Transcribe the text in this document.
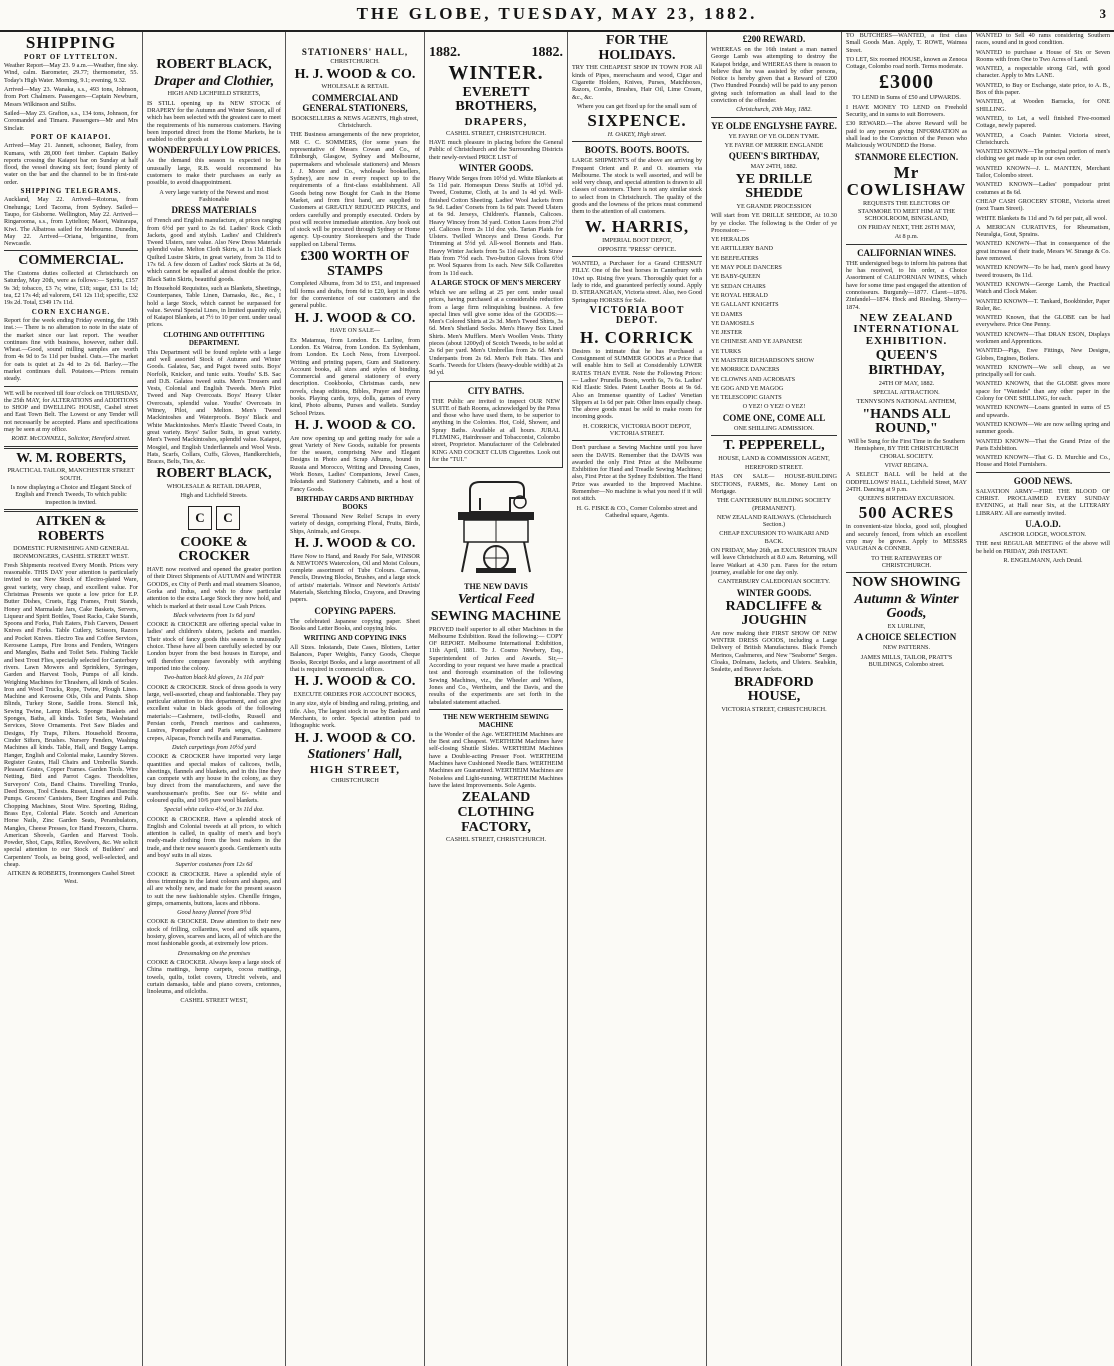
THE GLOBE, TUESDAY, MAY 23, 1882.	3
SHIPPING
PORT OF LYTTELTON.

Weather Report—May 23. 9 a.m.—Weather, fine sky. Wind, calm. Barometer, 29.77; thermometer, 55. Today's High Water. Morning, 9.1; evening, 9.32.

Arrived—May 23. Wanaka, s.s., 493 tons, Johnson, from Port Chalmers. Passengers—Captain Newburn, Messrs Wilkinson and Stilbs.

Sailed—May 23. Grafton, s.s., 134 tons, Johnson, for Coromandel and Timaru. Passengers—Mr and Mrs Sinclair.

PORT OF KAIAPOI.

Arrived—May 21. Jannett, schooner, Bailey, from Kumara, with 28,000 feet timber. Captain Bailey reports crossing the Kaiapoi bar on Sunday at half flood, the vessel drawing six feet; found plenty of water on the bar and the channel to be in first-rate order.

SHIPPING TELEGRAMS.

Auckland, May 22. Arrived—Rotorua, from Onehunga; Lord Tacoma, from Sydney. Sailed—Taupo, for Gisborne. Wellington, May 22. Arrived—Ringarooma, s.s., from Lyttelton; Maori, Wairarapa, Kiwi. The Albatross sailed for Melbourne. Dunedin, May 22. Arrived—Oriana, brigantine, from Newcastle.

COMMERCIAL.

The Customs duties collected at Christchurch on Saturday, May 20th, were as follows:— Spirits, £157 9s 3d; tobacco, £3 7s; wine, £18; sugar, £31 1s 1d; tea, £2 17s 4d; ad valorem, £41 12s 11d; specific, £32 19s 2d. Total, £349 17s 11d.

CORN EXCHANGE.

Report for the week ending Friday evening, the 19th inst.:— There is no alteration to note in the state of the market since our last report. The weather continues fine with business, however, rather dull. Wheat.—Good, sound milling samples are worth from 4s 9d to 5s 11d per bushel. Oats.—The market for oats is quiet at 2s 4d to 2s 6d. Barley.—The market continues dull. Potatoes.—Prices remain steady.

WE will be received till four o'clock on THURSDAY, the 25th MAY, for ALTERATIONS and ADDITIONS to SHOP and DWELLING HOUSE, Cashel street and East Town Belt. The Lowest or any Tender will not necessarily be accepted. Plans and specifications may be seen at my office.

ROBT. McCONNELL, Solicitor, Hereford street.

W. M. ROBERTS,

PRACTICAL TAILOR, MANCHESTER STREET SOUTH.

Is now displaying a Choice and Elegant Stock of English and French Tweeds, To which public inspection is invited.

AITKEN & ROBERTS

DOMESTIC FURNISHING AND GENERAL IRONMONGERS, CASHEL STREET WEST.

Fresh Shipments received Every Month. Prices very reasonable. THIS DAY your attention is particularly invited to our New Stock of Electro-plated Ware, great variety, very cheap, and excellent value. For Christmas Presents we quote a low price for E.P. Butter Dishes, Cruets, Egg Frames, Fruit Stands, Honey and Marmalade Jars, Cake Baskets, Servers, Liqueur and Spirit Bottles, Toast Racks, Cake Stands, Spoons and Forks, Fish Eaters, Fish Carvers, Dessert Knives and Forks. Table Cutlery, Scissors, Razors and Pocket Knives. Electro Tea and Coffee Services, Kerosene Lamps, Fire Irons and Fenders, Wringers and Mangles, Baths and Toilet Sets. Fishing Tackle and best Trout Flies, specially selected for Canterbury rivers. Lawn Mowers and Sprinklers, Syringes, Garden and Harvest Tools, Pumps of all kinds. Weighing Machines for Thrashers, all kinds of Scales. Iron and Wood Trucks, Rope, Twine, Plough Lines. Machine and Kerosene Oils, Oils and Paints. Shop Blinds, Turkey Stone, Saddle Irons. Stencil Ink, Sewing Twine, Lamp Black. Sponge Baskets and Sponges, Baths, all kinds. Toilet Sets, Washstand Services, Stove Ornaments. Fret Saw Blades and Designs, Fly Traps, Filters. Household Brooms, Cinder Sifters, Brushes. Nursery Fenders, Washing Machines all kinds. Table, Hall, and Buggy Lamps. Hanger, English and Colonial make, Laundry Stoves. Register Grates, Hall Chairs and Umbrella Stands. Pleasant Grates, Copper Frames. Garden Tools. Wire Netting, Bird and Parrot Cages. Theodolites, Surveyors' Cots, Band Chains. Travelling Trunks, Deed Boxes, Tool Chests. Russet, Lined and Dancing Pumps. Grocers' Canisters, Beer Engines and Pails. Chopping Machines, Stout Wire. Sporting, Riding, Brass Eye, Colonial Plate. Scotch and American Horse Nails, Zinc Garden Seats, Perambulators, Mangles, Cheese Presses, Ice Hand Freezers, Churns. American Shovels, Garden and Harvest Tools. Powder, Shot, Caps, Rifles, Revolvers, &c. We solicit special attention to our Stock of Builders' and Carpenters' Tools, as being good, well-selected, and cheap.

AITKEN & ROBERTS, Ironmongers Cashel Street West.

ROBERT BLACK,
Draper and Clothier,

HIGH AND LICHFIELD STREETS,

IS STILL opening up its NEW STOCK of DRAPERY for the Autumn and Winter Season, all of which has been selected with the greatest care to meet the requirements of his numerous customers. Having been imported direct from the Home Markets, he is enabled to offer goods at

WONDERFULLY LOW PRICES.

As the demand this season is expected to be unusually large, R.B. would recommend his customers to make their purchases as early as possible, to avoid disappointment.

A very large variety of the Newest and most Fashionable

DRESS MATERIALS

of French and English manufacture, at prices ranging from 6½d per yard to 2s 6d. Ladies' Rock Cloth Jackets, good and stylish. Ladies' and Children's Tweed Ulsters, rare value. Also New Dress Materials splendid value. Melton Cloth Skirts, at 1s 11d. Black Quilted Lustre Skirts, in great variety, from 3s 11d to 17s 6d. A few dozen of Ladies' rock Skirts at 3s 6d, which cannot be equalled at almost double the price. Black Satin Skirts, beautiful goods.

In Household Requisites, such as Blankets, Sheetings, Counterpanes, Table Linen, Damasks, &c., &c., I hold a large Stock, which cannot be surpassed for value. Several Special Lines, in limited quantity only, of Kaiapoi Blankets, at 7½ to 10 per cent. under usual prices.

CLOTHING AND OUTFITTING DEPARTMENT.

This Department will be found replete with a large and well assorted Stock of Autumn and Winter Goods. Galatea, Sac, and Pagot tweed suits. Boys' Norfolk, Knicker, and tunic suits. Youths' S.B. Sac and D.B. Galatea tweed suits. Men's Trousers and Vests, Colonial and English Tweeds. Men's Pilot Tweed and Nap Overcoats. Boys' Heavy Ulster Overcoats, splendid value. Youths' Overcoats in Witney, Pilot, and Melton. Men's Tweed Mackintoshes and Waterproofs. Boys' Black and White Mackintoshes. Men's Elastic Tweed Coats, in great variety. Boys' Sailor Suits, in great variety. Men's Tweed Mackintoshes, splendid value. Kaiapoi, Mosgiel, and English Underflannels and Wool Vests. Hats, Scarfs, Collars, Cuffs, Gloves, Handkerchiefs, Braces, Belts, Ties, &c.

ROBERT BLACK,

WHOLESALE & RETAIL DRAPER,

High and Lichfield Streets.

C	C
COOKE & CROCKER

HAVE now received and opened the greater portion of their Direct Shipments of AUTUMN and WINTER GOODS, ex City of Perth and mail steamers Sloanoo, Gorka and Indus, and wish to draw particular attention to the extra Large Stock they now hold, and which is marked at their usual Low Cash Prices.

Black velveteens from 1s 6d yard

COOKE & CROCKER are offering special value in ladies' and children's ulsters, jackets and mantles. Their stock of fancy goods this season is unusually choice. These have all been carefully selected by our London buyer from the best houses in Europe, and will therefore compare favorably with anything imported into the colony.

Two-button black kid gloves, 1s 11d pair

COOKE & CROCKER. Stock of dress goods is very large, well-assorted, cheap and fashionable. They pay particular attention to this department, and can give excellent value in black goods of the following materials:—Cashmere, twill-cloths, Russell and Persian cords, French merinos and cashmeres, Lustres, Pompadour and Paris serges, Cashmere crepes, Alpacas, French twills and Paramattas.

Dutch carpetings from 10½d yard

COOKE & CROCKER have imported very large quantities and special makes of calicoes, twills, sheetings, flannels and blankets, and in this line they can compete with any house in the colony, as they buy direct from the manufacturers, and save the warehouseman's profits. See our 6/- white and coloured quilts, and 10/6 pure wool blankets.

Special white calico 4½d, or 3s 11d doz.

COOKE & CROCKER. Have a splendid stock of English and Colonial tweeds at all prices, to which attention is called, in quality of men's and boy's ready-made clothing from the best makers in the trade, and their new season's goods. Gentlemen's suits and boys' suits in all sizes.

Superior costumes from 12s 6d

COOKE & CROCKER. Have a splendid style of dress trimmings in the latest colours and shapes, and all are wholly new, and made for the present season to suit the new fashionable styles. Chenille fringes, gimps, ornaments, buttons, laces and ribbons.

Good heavy flannel from 9½d

COOKE & CROCKER. Draw attention to their new stock of frilling, collarettes, wool and silk squares, hosiery, gloves, scarves and laces, all of which are the most fashionable goods, at extremely low prices.

Dressmaking on the premises

COOKE & CROCKER. Always keep a large stock of China mattings, hemp carpets, cocoa mattings, towels, quilts, toilet covers, Utrecht velvets, and curtain damasks, table and piano covers, cretonnes, linoleums, and oilcloths.

CASHEL STREET WEST,

STATIONERS' HALL,

CHRISTCHURCH.

H. J. WOOD & CO.

WHOLESALE & RETAIL

COMMERCIAL AND GENERAL STATIONERS,

BOOKSELLERS & NEWS AGENTS, High street, Christchurch.

THE Business arrangements of the new proprietor, MR C. C. SOMMERS, (for some years the representative of Messrs Cowan and Co., of Edinburgh, Glasgow, Sydney and Melbourne, papermakers and wholesale stationers) and Messrs J. J. Moore and Co., wholesale booksellers, Sydney), are now in every respect up to the requirements of a first-class establishment. All Goods being now Bought for Cash in the Home Market, and from first hand, are supplied to Customers at GREATLY REDUCED PRICES, and orders carefully and promptly executed. Orders by post will receive immediate attention. Any book out of stock will be procured through Sydney or Home agency. Up-country Storekeepers and the Trade supplied on Liberal Terms.

£300 WORTH OF STAMPS

Completed Albums, from 3d to £51, and impressed bill forms and drafts, from 6d to £20, kept in stock for the convenience of our customers and the general public.

H. J. WOOD & CO.

HAVE ON SALE—

Ex Matamua, from London. Ex Lurline, from London. Ex Wairoa, from London. Ex Sydenham, from London. Ex Loch Ness, from Liverpool. Writing and printing papers, Gum and Stationery. Account books, all sizes and styles of binding. Commercial and general stationery of every description. Cookbooks, Christmas cards, new novels, cheap editions, Bibles, Prayer and Hymn books. Playing cards, toys, dolls, games of every kind, Photo albums, Purses and wallets. Sunday School Prizes.

H. J. WOOD & CO.

Are now opening up and getting ready for sale a great Variety of New Goods, suitable for presents for the season, comprising New and Elegant Designs in Photo and Scrap Albums, bound in Russia and Morocco, Writing and Dressing Cases, Work Boxes, Ladies' Companions, Jewel Cases, Inkstands and Stationery Cabinets, and a host of Fancy Goods.

BIRTHDAY CARDS AND BIRTHDAY BOOKS

Several Thousand New Relief Scraps in every variety of design, comprising Floral, Fruits, Birds, Ships, Animals, and Groups.

H. J. WOOD & CO.

Have Now to Hand, and Ready For Sale, WINSOR & NEWTON'S Watercolors, Oil and Moist Colours, complete assortment of Tube Colours. Canvas, Pencils, Drawing Blocks, Brushes, and a large stock of artists' materials. Winsor and Newton's Artists' Materials, Sketching Blocks, Crayons, and Drawing papers.

COPYING PAPERS.

The celebrated Japanese copying paper. Sheet Books and Letter Books, and copying Inks.

WRITING AND COPYING INKS

All Sizes. Inkstands, Date Cases, Blotters, Letter Balances, Paper Weights, Fancy Goods, Cheque Books, Receipt Books, and a large assortment of all that is required in commercial offices.

H. J. WOOD & CO.

EXECUTE ORDERS FOR ACCOUNT BOOKS,

in any size, style of binding and ruling, printing, and title. Also, The largest stock in use by Bankers and Merchants, to order. Special attention paid to lithographic work.

H. J. WOOD & CO.
Stationers' Hall,
HIGH STREET,

CHRISTCHURCH

1882.	1882.
WINTER.
EVERETT BROTHERS,
DRAPERS,

CASHEL STREET, CHRISTCHURCH.

HAVE much pleasure in placing before the General Public of Christchurch and the Surrounding Districts their newly-revised PRICE LIST of

WINTER GOODS.

Heavy Wide Serges from 10½d yd. White Blankets at 5s 11d pair. Homespun Dress Stuffs at 10½d yd. Tweed, Costume, Cloth, at 1s and 1s 4d yd. Well-finished Cotton Sheeting. Ladies' Wool Jackets from 5s 9d. Ladies' Corsets from 1s 6d pair. Tweed Ulsters at 6s 9d. Jerseys, Children's. Flannels, Calicoes. Heavy Wincey from 3d yard. Cotton Laces from 2½d yd. Calicoes from 2s 11d doz yds. Tartan Plaids for Ulsters. Twilled Winceys and Dress Goods. Fur Trimming at 5½d yd. All-wool Bonnets and Hats. Heavy Winter Jackets from 5s 11d each. Black Straw Hats from 7½d each. Two-button Gloves from 6½d pr. Wool Squares from 1s each. New Silk Collarettes from 1s 11d each.

A LARGE STOCK OF MEN'S MERCERY

Which we are selling at 25 per cent. under usual prices, having purchased at a considerable reduction from a large firm relinquishing business. A few special lines will give some idea of the GOODS:— Men's Colored Shirts at 2s 3d. Men's Tweed Shirts, 3s 6d. Men's Shetland Socks. Men's Heavy Box Lined Shirts. Men's Mufflers. Men's Woollen Vests. Thirty pieces (about 1200yd) of Scotch Tweeds, to be sold at 2s 6d per yard. Men's Umbrellas from 2s 6d. Men's Underpants from 2s 6d. Men's Felt Hats. Ties and Scarfs. Tweeds for Ulsters (heavy-double width) at 2s 9d yd.

CITY BATHS.

THE Public are invited to inspect OUR NEW SUITE of Bath Rooms, acknowledged by the Press and those who have used them, to be superior to anything in the Colonies. Hot, Cold, Shower, and Spray Baths. Available at all hours. JURAL FLEMING, Hairdresser and Tobacconist, Colombo street, Proprietor. Manufacturer of the Celebrated KING AND COCKET CLUB Cigarettes. Look out for the "TUI."

THE NEW DAVIS
Vertical Feed
SEWING MACHINE

PROVED itself superior to all other Machines in the Melbourne Exhibition. Read the following:— COPY OF REPORT. Melbourne International Exhibition, 11th April, 1881. To J. Cosmo Newbery, Esq., Superintendent of Juries and Awards. Sir,—According to your request we have made a practical test and thorough examination of the following Sewing Machines, viz., the Wheeler and Wilson, Jones and Co., Wertheim, and the Davis, and the results of the experiments are set forth in the tabulated statement attached.

THE NEW WERTHEIM SEWING MACHINE

is the Wonder of the Age. WERTHEIM Machines are the Best and Cheapest. WERTHEIM Machines have self-closing Shuttle Slides. WERTHEIM Machines have a Double-acting Presser Foot. WERTHEIM Machines have Cushioned Needle Bars. WERTHEIM Machines are Guaranteed. WERTHEIM Machines are Noiseless and Light-running. WERTHEIM Machines have the latest Improvements. Sole Agents.

ZEALAND CLOTHING FACTORY,

CASHEL STREET, CHRISTCHURCH.

FOR THE HOLIDAYS.

TRY THE CHEAPEST SHOP IN TOWN FOR All kinds of Pipes, meerschaum and wood, Cigar and Cigarette Holders, Knives, Purses, Matchboxes, Razors, Combs, Brushes, Hair Oil, Lime Cream, &c., &c.

Where you can get fixed up for the small sum of

SIXPENCE.

H. OAKEY, High street.

BOOTS. BOOTS. BOOTS.

LARGE SHIPMENTS of the above are arriving by Frequent Orient and P. and O. steamers via Melbourne. The stock is well assorted, and will be sold very cheap, and special attention is drawn to all classes of customers. There is not any similar stock to select from in Christchurch. The quality of the goods and the lowness of the prices must commend them to the attention of all customers.

W. HARRIS,

IMPERIAL BOOT DEPOT,

OPPOSITE "PRESS" OFFICE.

WANTED, a Purchaser for a Grand CHESNUT FILLY. One of the best horses in Canterbury with 10wt up. Rising five years. Thoroughly quiet for a lady to ride, and guaranteed perfectly sound. Apply D. STERANGHAN, Victoria street. Also, two Good Springtrap HORSES for Sale.

VICTORIA BOOT DEPOT.
H. CORRICK

Desires to intimate that he has Purchased a Consignment of SUMMER GOODS at a Price that will enable him to Sell at Considerably LOWER RATES THAN EVER. Note the Following Prices:— Ladies' Prunella Boots, worth 6s, 7s 6s. Ladies' Kid Elastic Sides. Patent Leather Boots at 9s 6d. Also an Immense quantity of Ladies' Venetian Slippers at 1s 6d per pair. Other lines equally cheap. The above goods must be sold to make room for incoming goods.

H. CORRICK, VICTORIA BOOT DEPOT, VICTORIA STREET.

Don't purchase a Sewing Machine until you have seen the DAVIS. Remember that the DAVIS was awarded the only First Prize at the Melbourne Exhibition for Hand and Treadle Sewing Machines; also, First Prize at the Sydney Exhibition. The Hand Prize was awarded to the Improved Machine. Remember—No machine is what you need if it will not stitch.

H. G. FISKE & CO., Corner Colombo street and Cathedral square, Agents.

£200 REWARD.

WHEREAS on the 16th instant a man named George Lamb was attempting to destroy the Kaiapoi bridge, and WHEREAS there is reason to believe that he was assisted by other persons, Notice is hereby given that a Reward of £200 (Two Hundred Pounds) will be paid to any person giving such information as shall lead to the conviction of the offender.

Christchurch, 20th May, 1882.

YE OLDE ENGLYSHE FAYRE.

YE FAYRE OF YE OLDEN TYME.

YE FAYRE OF MERRIE ENGLANDE

QUEEN'S BIRTHDAY,

MAY 24TH, 1882.

YE DRILLE SHEDDE

YE GRANDE PROCESSION

Will start from YE DRILLE SHEDDE, At 10.30 by ye clocke. The following is the Order of ye Procession:—

YE HERALDS

YE ARTILLERY BAND

YE BEEFEATERS

YE MAY POLE DANCERS

YE BABY-QUEEN

YE SEDAN CHAIRS

YE ROYAL HERALD

YE GALLANT KNIGHTS

YE DAMES

YE DAMOSELS

YE JESTER

YE CHINESE AND YE JAPANESE

YE TURKS

YE MAISTER RICHARDSON'S SHOW

YE MORRICE DANCERS

YE CLOWNS AND ACROBATS

YE GOG AND YE MAGOG

YE TELESCOPIC GIANTS

O YEZ! O YEZ! O YEZ!

COME ONE, COME ALL

ONE SHILLING ADMISSION.

T. PEPPERELL,

HOUSE, LAND & COMMISSION AGENT,

HEREFORD STREET.

HAS ON SALE— HOUSE-BUILDING SECTIONS, FARMS, &c. Money Lent on Mortgage.

THE CANTERBURY BUILDING SOCIETY (PERMANENT).

NEW ZEALAND RAILWAYS. (Christchurch Section.)

CHEAP EXCURSION TO WAIKARI AND BACK.

ON FRIDAY, May 26th, an EXCURSION TRAIN will leave Christchurch at 8.0 a.m. Returning, will leave Waikari at 4.30 p.m. Fares for the return journey, available for one day only.

CANTERBURY CALEDONIAN SOCIETY.

WINTER GOODS.
RADCLIFFE & JOUGHIN

Are now making their FIRST SHOW OF NEW WINTER DRESS GOODS, including a Large Delivery of British Manufactures. Black French Merinos, Cashmeres, and New "Seaborne" Serges. Cloaks, Dolmans, Jackets, and Ulsters. Sealskin, Sealette, and Beaver Jackets.

BRADFORD HOUSE,

VICTORIA STREET, CHRISTCHURCH.

TO BUTCHERS—WANTED, a first class Small Goods Man. Apply, T. ROWE, Waimea Street.

TO LET, Six roomed HOUSE, known as Zenoca Cottage, Colombo road north. Terms moderate.

£3000

TO LEND in Sums of £50 and UPWARDS.

I HAVE MONEY TO LEND on Freehold Security, and in sums to suit Borrowers.

£30 REWARD.—The above Reward will be paid to any person giving INFORMATION as shall lead to the Conviction of the Person who Maliciously WOUNDED the Horse.

STANMORE ELECTION.
Mr COWLISHAW

REQUESTS THE ELECTORS OF STANMORE TO MEET HIM AT THE SCHOOLROOM, BINGSLAND,

ON FRIDAY NEXT, THE 26TH MAY,

At 8 p.m.

CALIFORNIAN WINES.

THE undersigned begs to inform his patrons that he has received, to his order, a Choice Assortment of CALIFORNIAN WINES, which have for some time past engaged the attention of connoisseurs. Burgundy—1877. Claret—1876. Zinfandel—1874. Hock and Riesling. Sherry—1874.

NEW ZEALAND INTERNATIONAL EXHIBITION.
QUEEN'S BIRTHDAY,

24TH OF MAY, 1882.

SPECIAL ATTRACTION.

TENNYSON'S NATIONAL ANTHEM,

"HANDS ALL ROUND,"

Will be Sung for the First Time in the Southern Hemisphere, BY THE CHRISTCHURCH CHORAL SOCIETY.

VIVAT REGINA.

A SELECT BALL will be held at the ODDFELLOWS' HALL, Lichfield Street, MAY 24TH. Dancing at 9 p.m.

QUEEN'S BIRTHDAY EXCURSION.

500 ACRES

in convenient-size blocks, good soil, ploughed and securely fenced, from which an excellent crop may be grown. Apply to MESSRS VAUGHAN & CONNER.

TO THE RATEPAYERS OF CHRISTCHURCH.

NOW SHOWING
Autumn & Winter Goods,

EX LURLINE,

A CHOICE SELECTION

NEW PATTERNS.

JAMES MILLS, TAILOR, PRATT'S BUILDINGS, Colombo street.

WANTED to Sell 40 rams considering Southern races, sound and in good condition.

WANTED to purchase a House of Six or Seven Rooms with from One to Two Acres of Land.

WANTED, a respectable strong Girl, with good character. Apply to Mrs LANE.

WANTED, to Buy or Exchange, state price, to A. B., Box of this paper.

WANTED, at Wooden Barracks, for ONE SHILLING.

WANTED, to Let, a well finished Five-roomed Cottage, newly papered.

WANTED, a Coach Painter. Victoria street, Christchurch.

WANTED KNOWN—The principal portion of men's clothing we get made up in our own order.

WANTED KNOWN—J. L. MANTEN, Merchant Tailor, Colombo street.

WANTED KNOWN—Ladies' pompadour print costumes at 8s 6d.

CHEAP CASH GROCERY STORE, Victoria street (next Tuam Street).

WHITE Blankets 8s 11d and 7s 6d per pair, all wool.

A MERICAN CURATIVES, for Rheumatism, Neuralgia, Gout, Sprains.

WANTED KNOWN—That in consequence of the great increase of their trade, Messrs W. Strange & Co. have removed.

WANTED KNOWN—To be had, men's good heavy tweed trousers, 8s 11d.

WANTED KNOWN—George Lamb, the Practical Watch and Clock Maker.

WANTED KNOWN—T. Tankard, Bookbinder, Paper Ruler, &c.

WANTED Known, that the GLOBE can be had everywhere. Price One Penny.

WANTED KNOWN—That DRAN ESON, Displays workmen and Apprentices.

WANTED—Pigs, Ewe Fittings, New Designs, Globes, Engines, Boilers.

WANTED KNOWN—We sell cheap, as we principally sell for cash.

WANTED KNOWN, that the GLOBE gives more space for "Wanteds" than any other paper in the Colony for ONE SHILLING, for each.

WANTED KNOWN—Loans granted in sums of £5 and upwards.

WANTED KNOWN—We are now selling spring and summer goods.

WANTED KNOWN—That the Grand Prize of the Paris Exhibition.

WANTED KNOWN—That G. D. Murchie and Co., House and Hotel Furnishers.

GOOD NEWS.

SALVATION ARMY—FIRE THE BLOOD OF CHRIST. PROCLAIMED EVERY SUNDAY EVENING, at Hall near Six, at the LITERARY LIBRARY. All are earnestly invited.

U.A.O.D.

ASCHOR LODGE, WOOLSTON.

THE next REGULAR MEETING of the above will be held on FRIDAY, 26th INSTANT.

R. ENGELMANN, Arch Druid.
